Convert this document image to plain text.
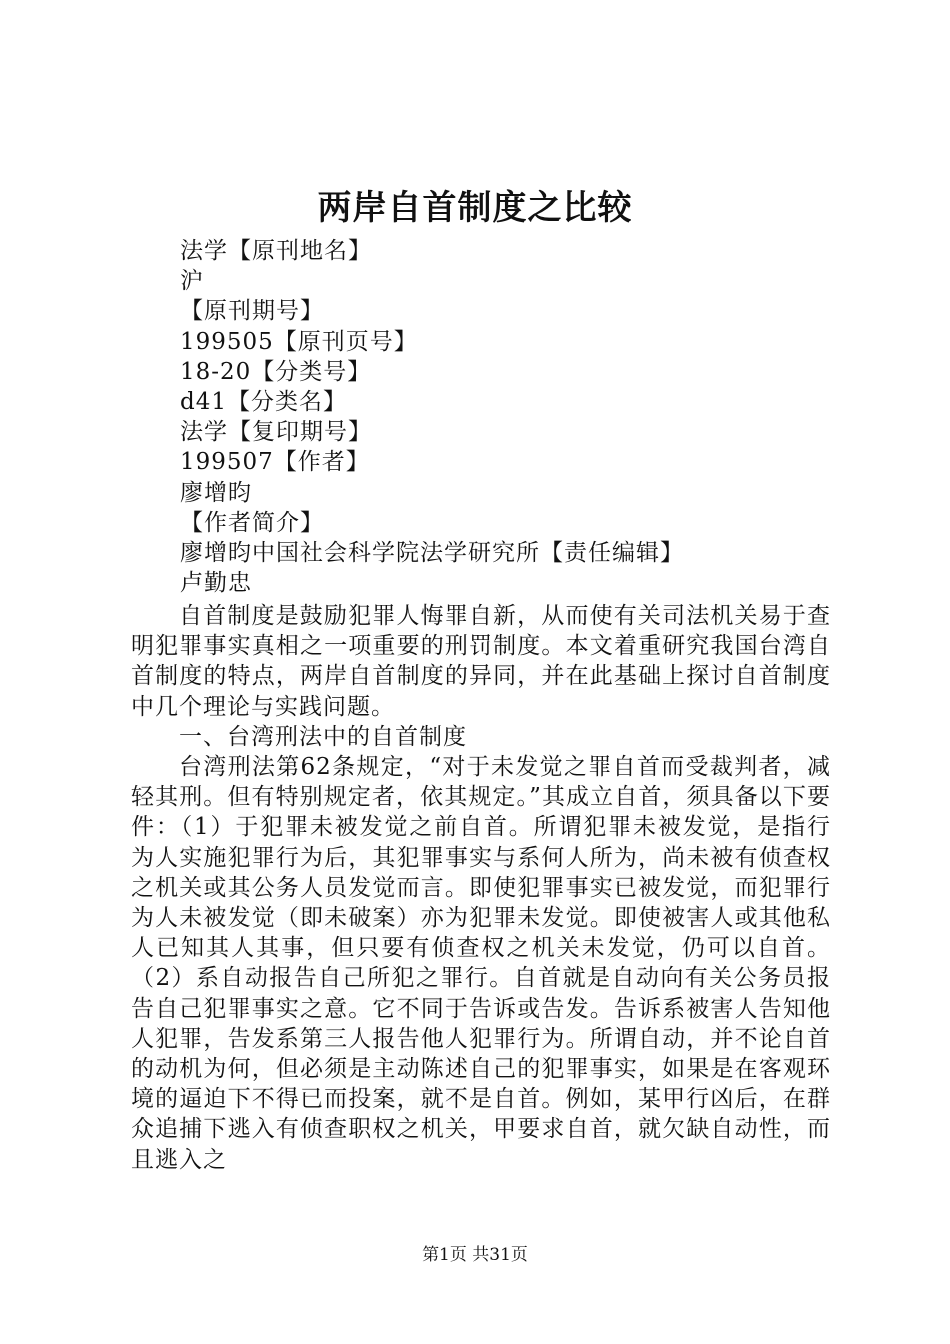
两岸自首制度之比较
法学【原刊地名】
沪
【原刊期号】
199505【原刊页号】
18-20【分类号】
d41【分类名】
法学【复印期号】
199507【作者】
廖增昀
【作者简介】
廖增昀中国社会科学院法学研究所【责任编辑】
卢勤忠

自首制度是鼓励犯罪人悔罪自新，从而使有关司法机关易于查明犯罪事实真相之一项重要的刑罚制度。本文着重研究我国台湾自首制度的特点，两岸自首制度的异同，并在此基础上探讨自首制度中几个理论与实践问题。

一、台湾刑法中的自首制度

台湾刑法第62条规定，“对于未发觉之罪自首而受裁判者，减轻其刑。但有特别规定者，依其规定。”其成立自首，须具备以下要件：（1）于犯罪未被发觉之前自首。所谓犯罪未被发觉，是指行为人实施犯罪行为后，其犯罪事实与系何人所为，尚未被有侦查权之机关或其公务人员发觉而言。即使犯罪事实已被发觉，而犯罪行为人未被发觉（即未破案）亦为犯罪未发觉。即使被害人或其他私人已知其人其事，但只要有侦查权之机关未发觉，仍可以自首。（2）系自动报告自己所犯之罪行。自首就是自动向有关公务员报告自己犯罪事实之意。它不同于告诉或告发。告诉系被害人告知他人犯罪，告发系第三人报告他人犯罪行为。所谓自动，并不论自首的动机为何，但必须是主动陈述自己的犯罪事实，如果是在客观环境的逼迫下不得已而投案，就不是自首。例如，某甲行凶后，在群众追捕下逃入有侦查职权之机关，甲要求自首，就欠缺自动性，而且逃入之

第1页 共31页
